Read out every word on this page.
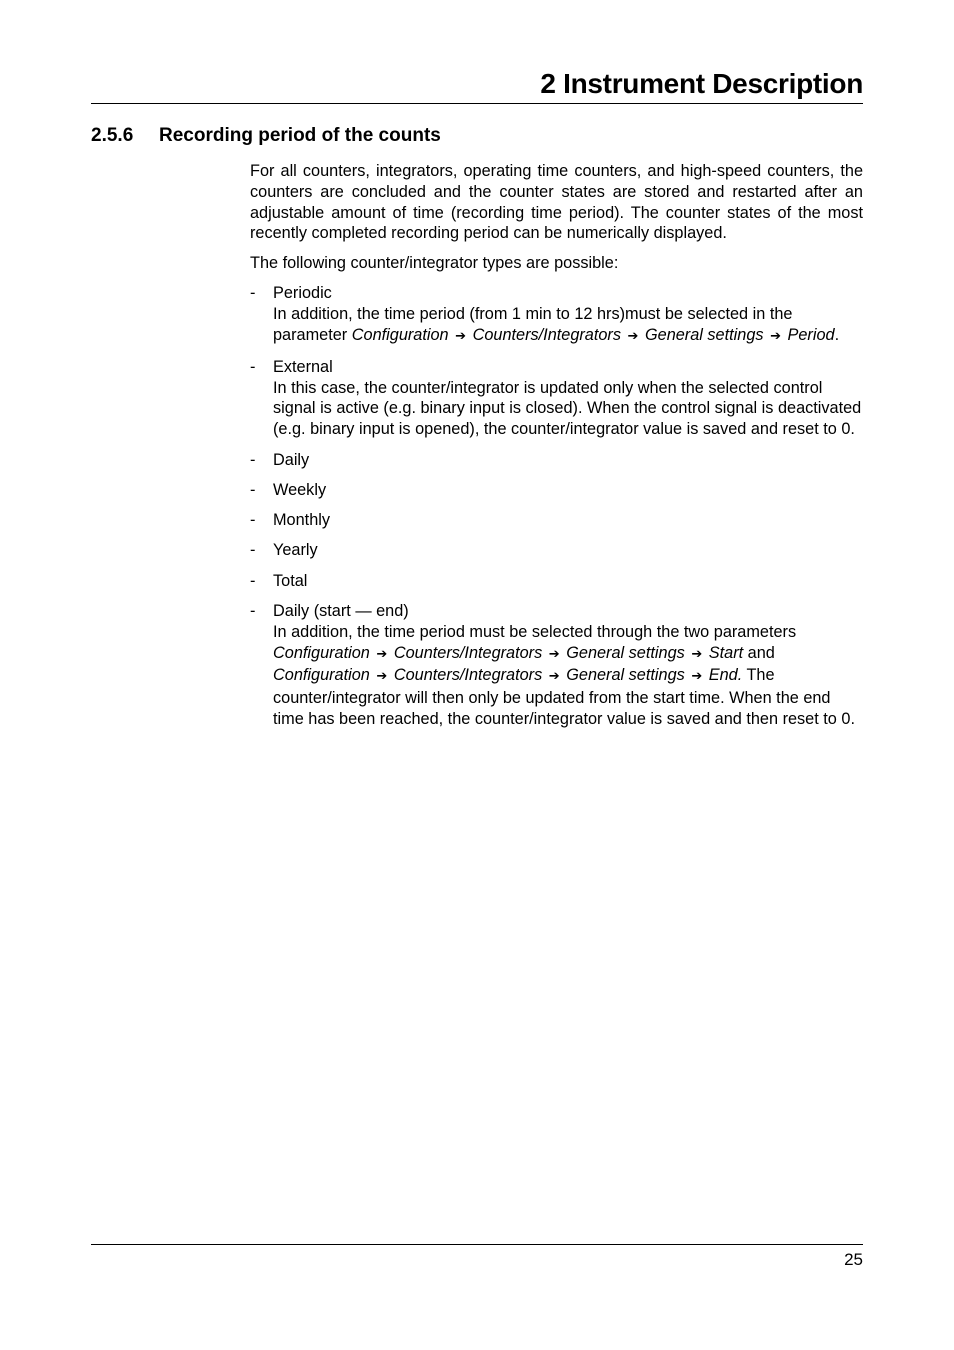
2 Instrument Description
2.5.6 Recording period of the counts

For all counters, integrators, operating time counters, and high-speed counters, the counters are concluded and the counter states are stored and restarted after an adjustable amount of time (recording time period). The counter states of the most recently completed recording period can be numerically displayed.

The following counter/integrator types are possible:

- Periodic
In addition, the time period (from 1 min to 12 hrs)must be selected in the parameter Configuration ➔ Counters/Integrators ➔ General settings ➔ Period.
- External
In this case, the counter/integrator is updated only when the selected control signal is active (e.g. binary input is closed). When the control signal is deactivated (e.g. binary input is opened), the counter/integrator value is saved and reset to 0.
- Daily
- Weekly
- Monthly
- Yearly
- Total
- Daily (start — end)
In addition, the time period must be selected through the two parameters Configuration ➔ Counters/Integrators ➔ General settings ➔ Start and Configuration ➔ Counters/Integrators ➔ General settings ➔ End. The counter/integrator will then only be updated from the start time. When the end time has been reached, the counter/integrator value is saved and then reset to 0.
25
